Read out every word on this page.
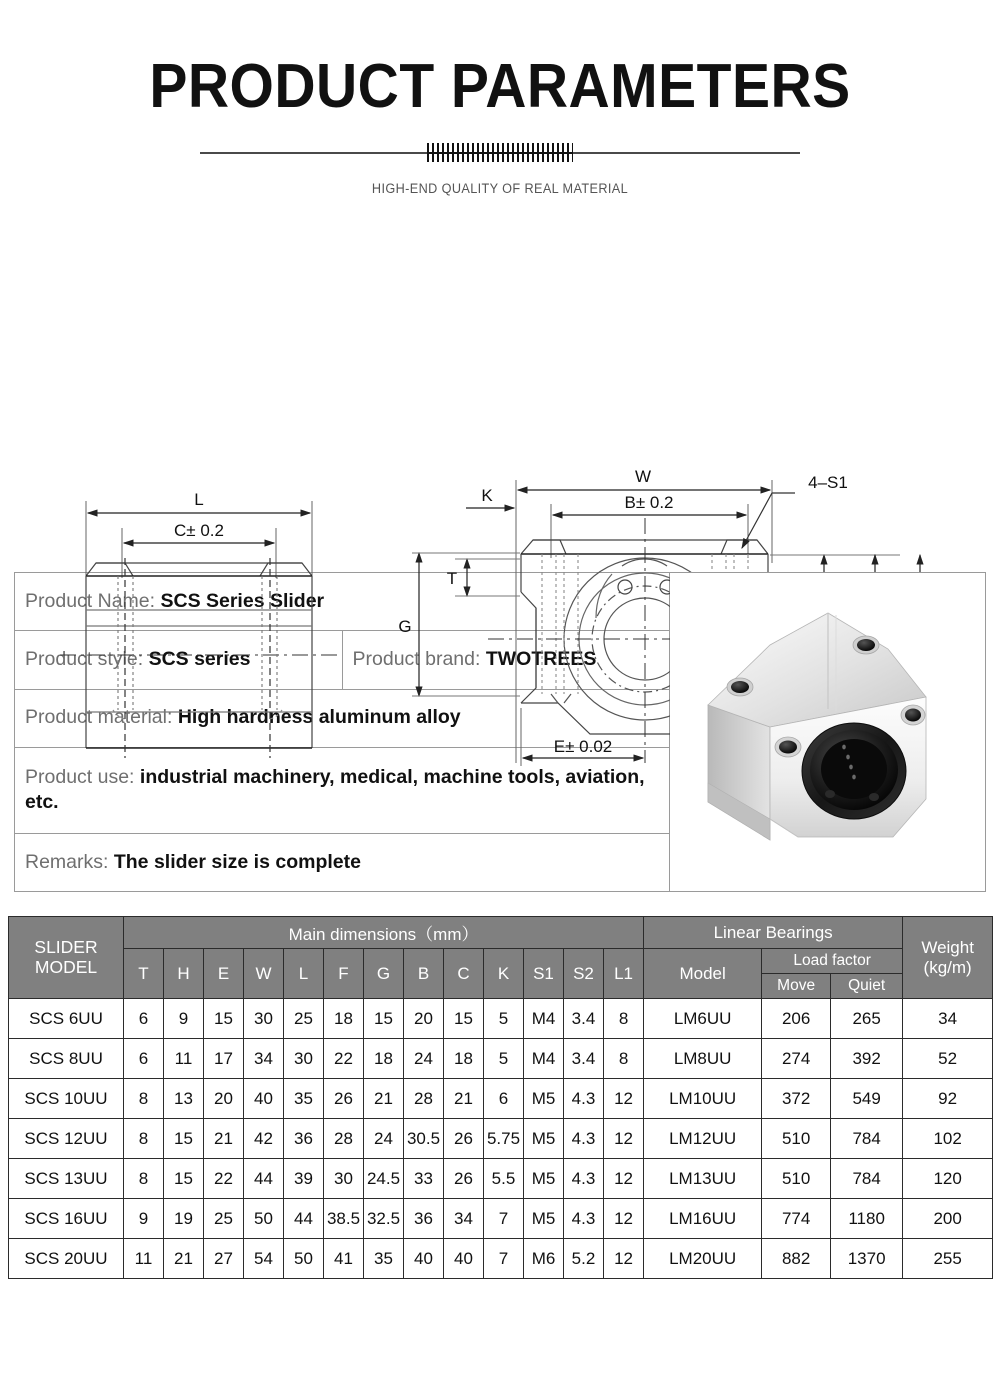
PRODUCT PARAMETERS
HIGH-END QUALITY OF REAL MATERIAL
L
C± 0.2
W
B± 0.2
K
T
G
E± 0.02
4–S1
Product Name: SCS Series Slider
Product style: SCS series	Product brand: TWOTREES
Product material: High hardness aluminum alloy
Product use: industrial machinery, medical, machine tools, aviation, etc.
Remarks: The slider size is complete
SLIDER MODEL	Main dimensions（mm）													Linear Bearings			Weight (kg/m)
	T	H	E	W	L	F	G	B	C	K	S1	S2	L1	Model	Load factor		
															Move	Quiet	
SCS 6UU	6	9	15	30	25	18	15	20	15	5	M4	3.4	8	LM6UU	206	265	34
SCS 8UU	6	11	17	34	30	22	18	24	18	5	M4	3.4	8	LM8UU	274	392	52
SCS 10UU	8	13	20	40	35	26	21	28	21	6	M5	4.3	12	LM10UU	372	549	92
SCS 12UU	8	15	21	42	36	28	24	30.5	26	5.75	M5	4.3	12	LM12UU	510	784	102
SCS 13UU	8	15	22	44	39	30	24.5	33	26	5.5	M5	4.3	12	LM13UU	510	784	120
SCS 16UU	9	19	25	50	44	38.5	32.5	36	34	7	M5	4.3	12	LM16UU	774	1180	200
SCS 20UU	11	21	27	54	50	41	35	40	40	7	M6	5.2	12	LM20UU	882	1370	255
